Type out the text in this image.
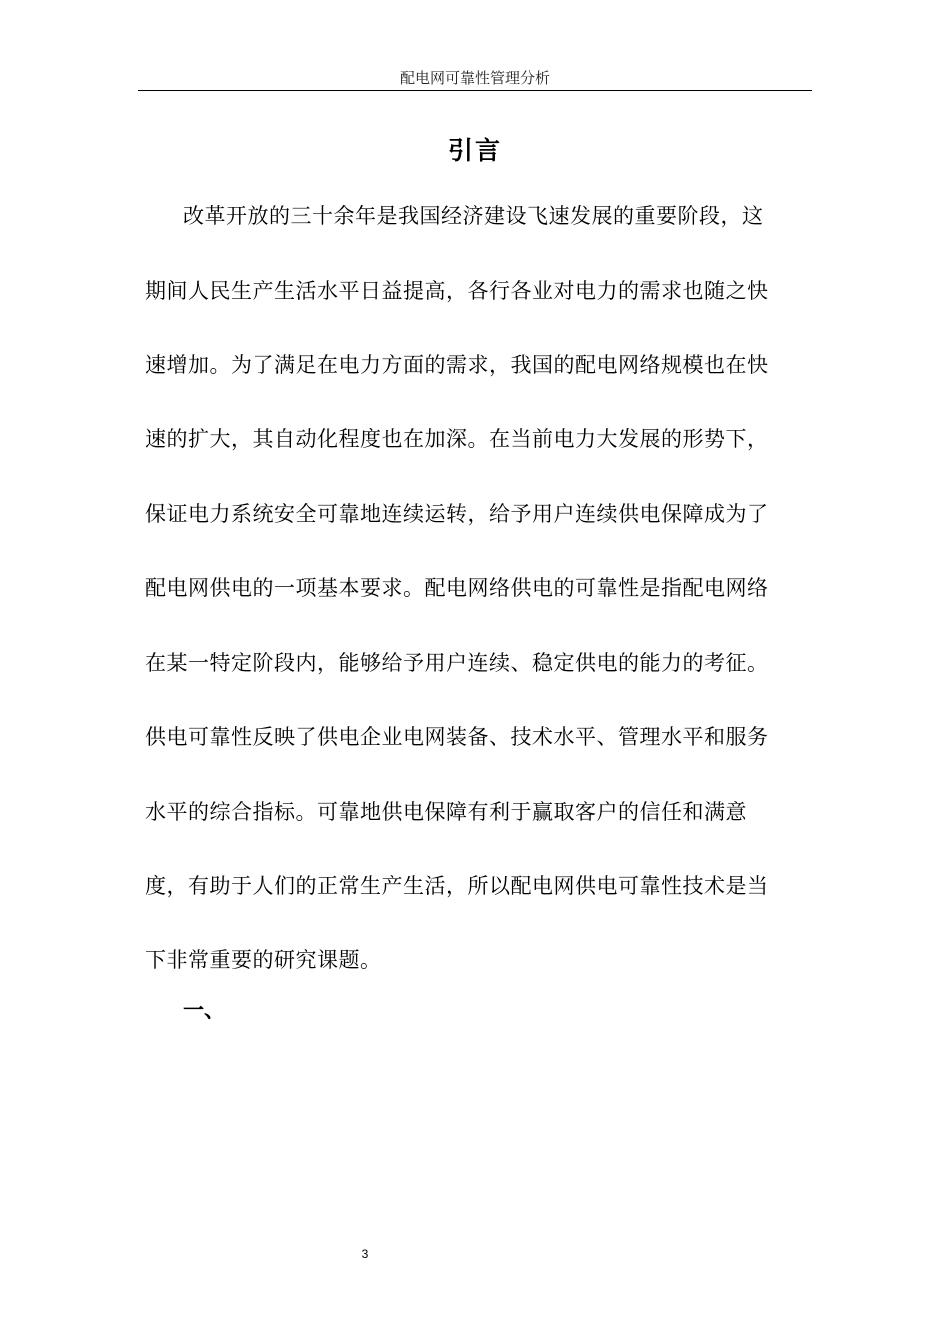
配电网可靠性管理分析
引言
改革开放的三十余年是我国经济建设飞速发展的重要阶段，这
期间人民生产生活水平日益提高，各行各业对电力的需求也随之快
速增加。为了满足在电力方面的需求，我国的配电网络规模也在快
速的扩大，其自动化程度也在加深。在当前电力大发展的形势下，
保证电力系统安全可靠地连续运转，给予用户连续供电保障成为了
配电网供电的一项基本要求。配电网络供电的可靠性是指配电网络
在某一特定阶段内，能够给予用户连续、稳定供电的能力的考征。
供电可靠性反映了供电企业电网装备、技术水平、管理水平和服务
水平的综合指标。可靠地供电保障有利于赢取客户的信任和满意
度，有助于人们的正常生产生活，所以配电网供电可靠性技术是当
下非常重要的研究课题。
一、
3
